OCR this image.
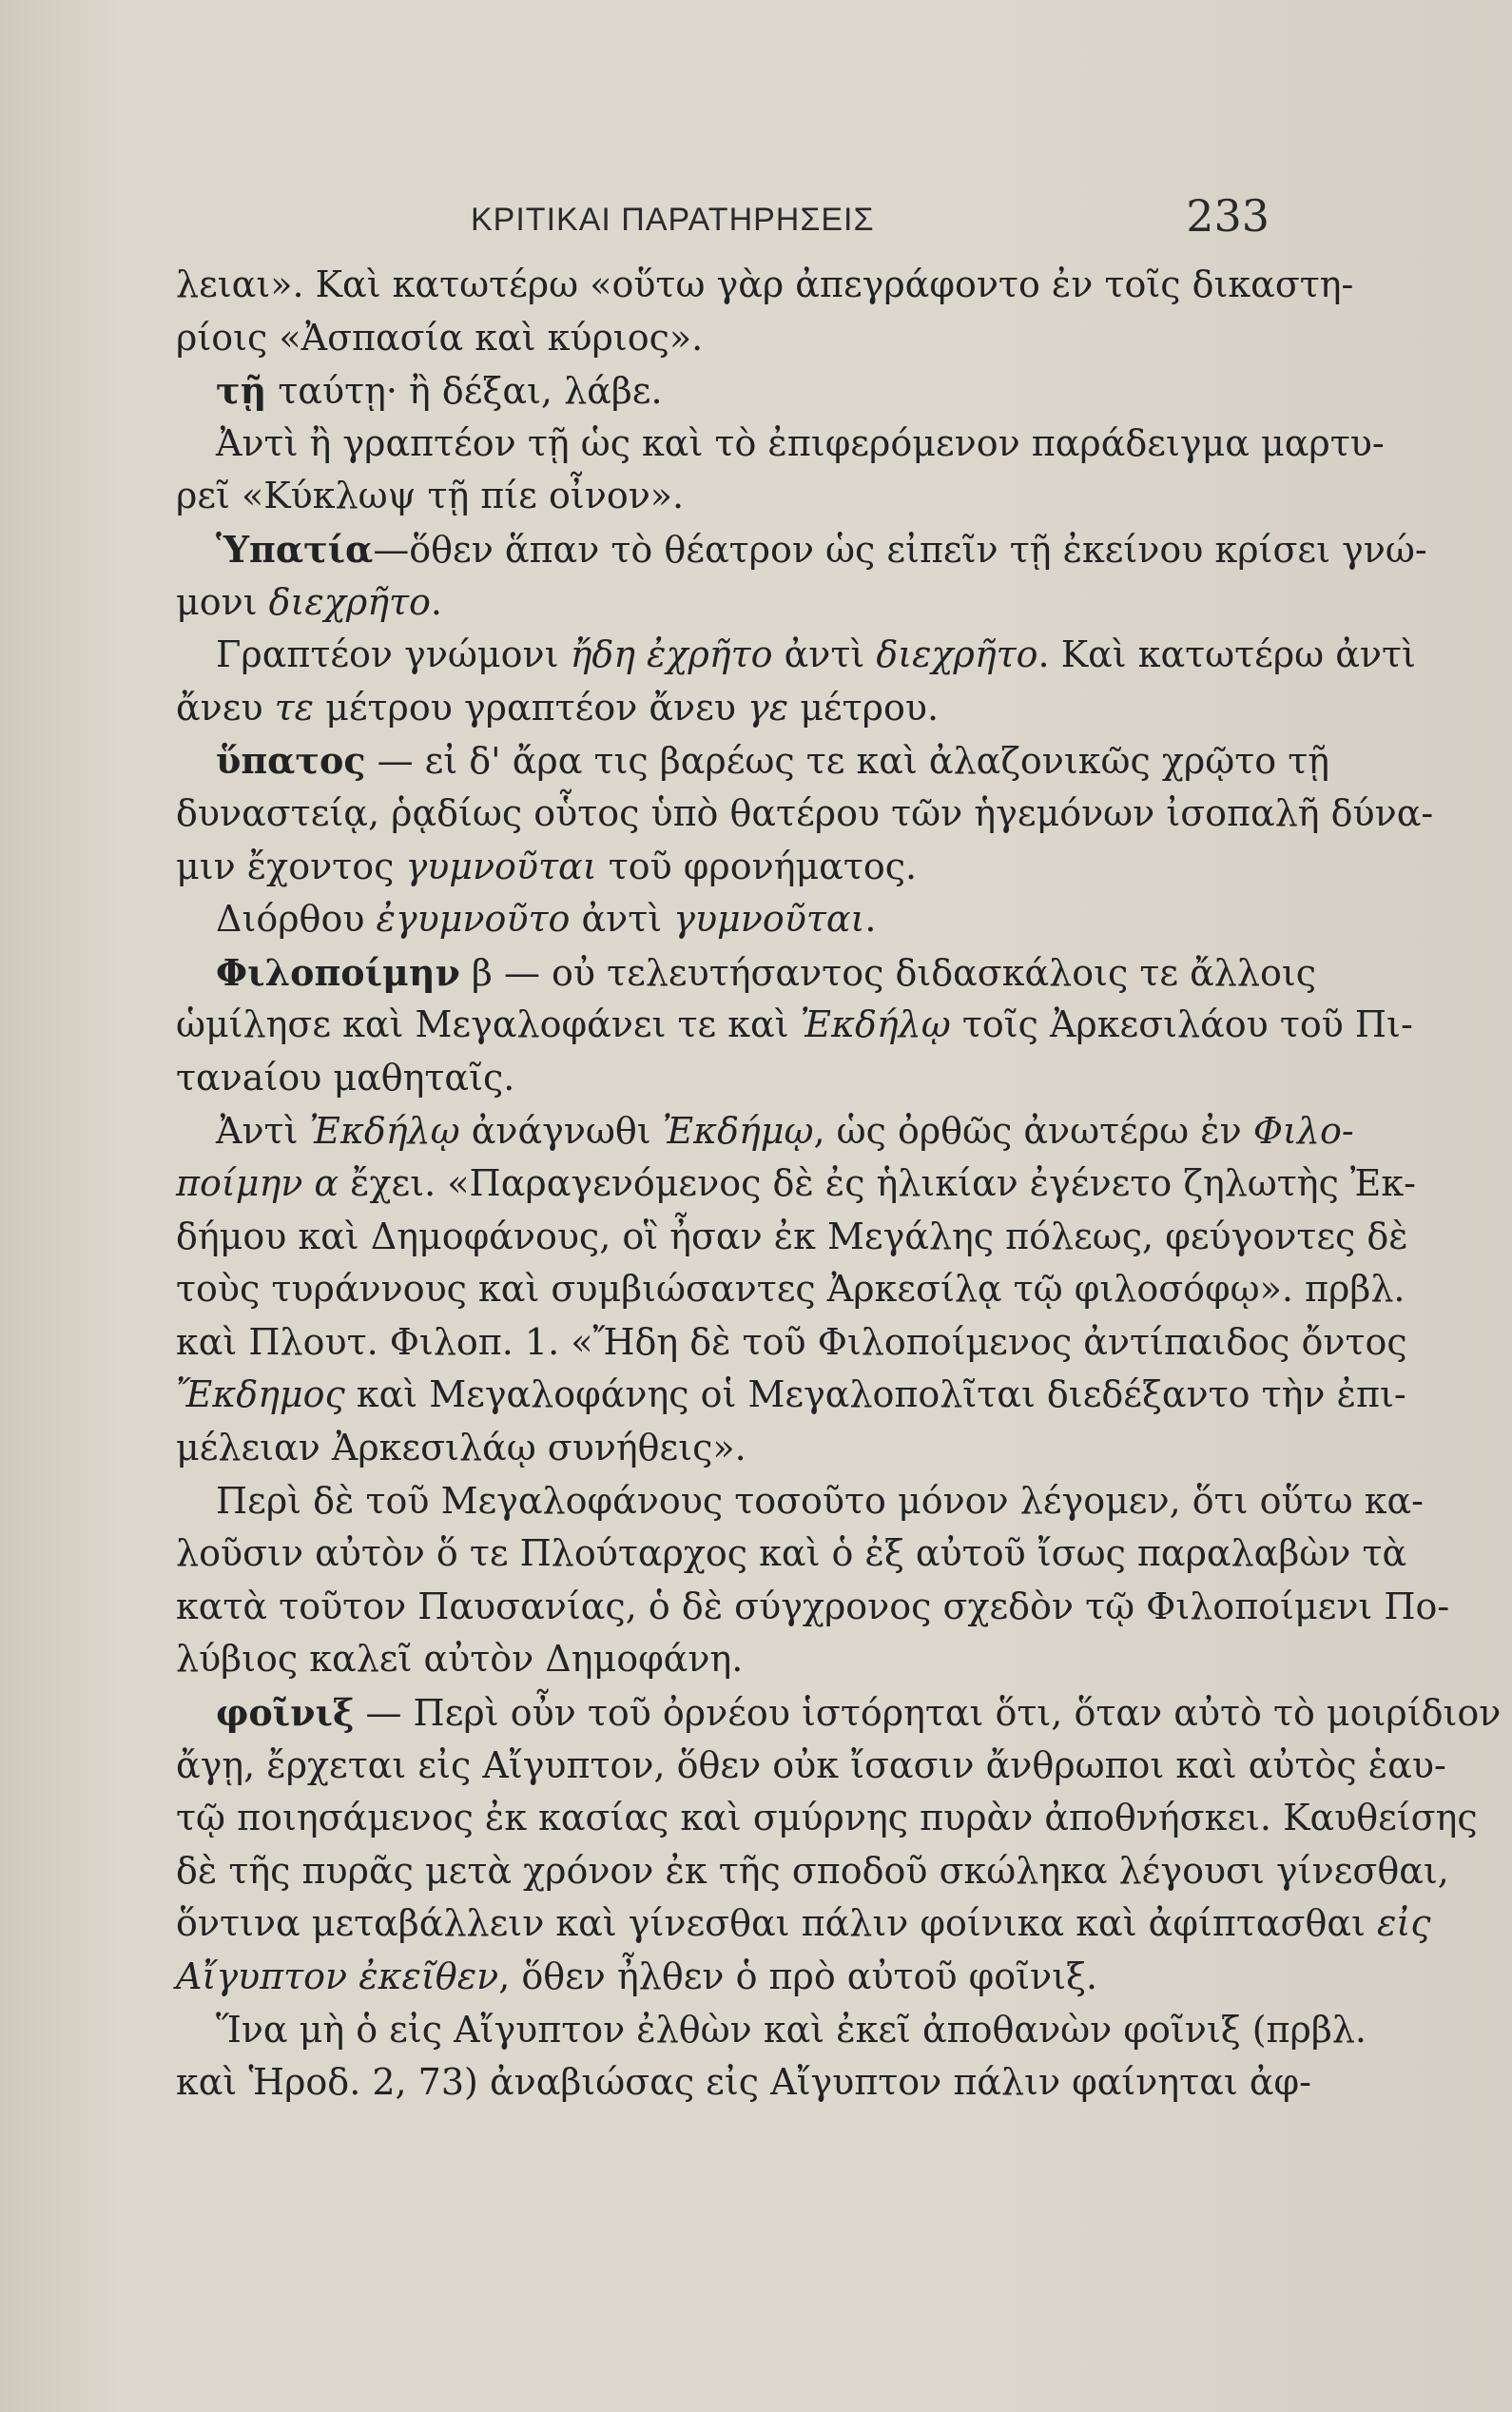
ΚΡΙΤΙΚΑΙ ΠΑΡΑΤΗΡΗΣΕΙΣ	233
λειαι». Καὶ κατωτέρω «οὕτω γὰρ ἀπεγράφοντο ἐν τοῖς δικαστη-
ρίοις «Ἀσπασία καὶ κύριος».
τῇ ταύτῃ· ἢ δέξαι, λάβε.
Ἀντὶ ἢ γραπτέον τῇ ὡς καὶ τὸ ἐπιφερόμενον παράδειγμα μαρτυ-
ρεῖ «Κύκλωψ τῇ πίε οἶνον».
Ὑπατία—ὅθεν ἅπαν τὸ θέατρον ὡς εἰπεῖν τῇ ἐκείνου κρίσει γνώ-
μονι διεχρῆτο.
Γραπτέον γνώμονι ἤδη ἐχρῆτο ἀντὶ διεχρῆτο. Καὶ κατωτέρω ἀντὶ
ἄνευ τε μέτρου γραπτέον ἄνευ γε μέτρου.
ὕπατος — εἰ δ' ἄρα τις βαρέως τε καὶ ἀλαζονικῶς χρῷτο τῇ
δυναστείᾳ, ῥᾳδίως οὗτος ὑπὸ θατέρου τῶν ἡγεμόνων ἰσοπαλῆ δύνα-
μιν ἔχοντος γυμνοῦται τοῦ φρονήματος.
Διόρθου ἐγυμνοῦτο ἀντὶ γυμνοῦται.
Φιλοποίμην β — οὐ τελευτήσαντος διδασκάλοις τε ἄλλοις
ὡμίλησε καὶ Μεγαλοφάνει τε καὶ Ἐκδήλῳ τοῖς Ἀρκεσιλάου τοῦ Πι-
τανaίου μαθηταῖς.
Ἀντὶ Ἐκδήλῳ ἀνάγνωθι Ἐκδήμῳ, ὡς ὀρθῶς ἀνωτέρω ἐν Φιλο-
ποίμην α ἔχει. «Παραγενόμενος δὲ ἐς ἡλικίαν ἐγένετο ζηλωτὴς Ἐκ-
δήμου καὶ Δημοφάνους, οἳ ἦσαν ἐκ Μεγάλης πόλεως, φεύγοντες δὲ
τοὺς τυράννους καὶ συμβιώσαντες Ἀρκεσίλᾳ τῷ φιλοσόφῳ». πρβλ.
καὶ Πλουτ. Φιλοπ. 1. «Ἤδη δὲ τοῦ Φιλοποίμενος ἀντίπαιδος ὄντος
Ἔκδημος καὶ Μεγαλοφάνης οἱ Μεγαλοπολῖται διεδέξαντο τὴν ἐπι-
μέλειαν Ἀρκεσιλάῳ συνήθεις».
Περὶ δὲ τοῦ Μεγαλοφάνους τοσοῦτο μόνον λέγομεν, ὅτι οὕτω κα-
λοῦσιν αὐτὸν ὅ τε Πλούταρχος καὶ ὁ ἐξ αὐτοῦ ἴσως παραλαβὼν τὰ
κατὰ τοῦτον Παυσανίας, ὁ δὲ σύγχρονος σχεδὸν τῷ Φιλοποίμενι Πο-
λύβιος καλεῖ αὐτὸν Δημοφάνη.
φοῖνιξ — Περὶ οὖν τοῦ ὀρνέου ἱστόρηται ὅτι, ὅταν αὐτὸ τὸ μοιρίδιον
ἄγῃ, ἔρχεται εἰς Αἴγυπτον, ὅθεν οὐκ ἴσασιν ἄνθρωποι καὶ αὐτὸς ἑαυ-
τῷ ποιησάμενος ἐκ κασίας καὶ σμύρνης πυρὰν ἀποθνήσκει. Καυθείσης
δὲ τῆς πυρᾶς μετὰ χρόνον ἐκ τῆς σποδοῦ σκώληκα λέγουσι γίνεσθαι,
ὅντινα μεταβάλλειν καὶ γίνεσθαι πάλιν φοίνικα καὶ ἀφίπτασθαι εἰς
Αἴγυπτον ἐκεῖθεν, ὅθεν ἦλθεν ὁ πρὸ αὐτοῦ φοῖνιξ.
Ἵνα μὴ ὁ εἰς Αἴγυπτον ἐλθὼν καὶ ἐκεῖ ἀποθανὼν φοῖνιξ (πρβλ.
καὶ Ἡροδ. 2, 73) ἀναβιώσας εἰς Αἴγυπτον πάλιν φαίνηται ἀφ-
